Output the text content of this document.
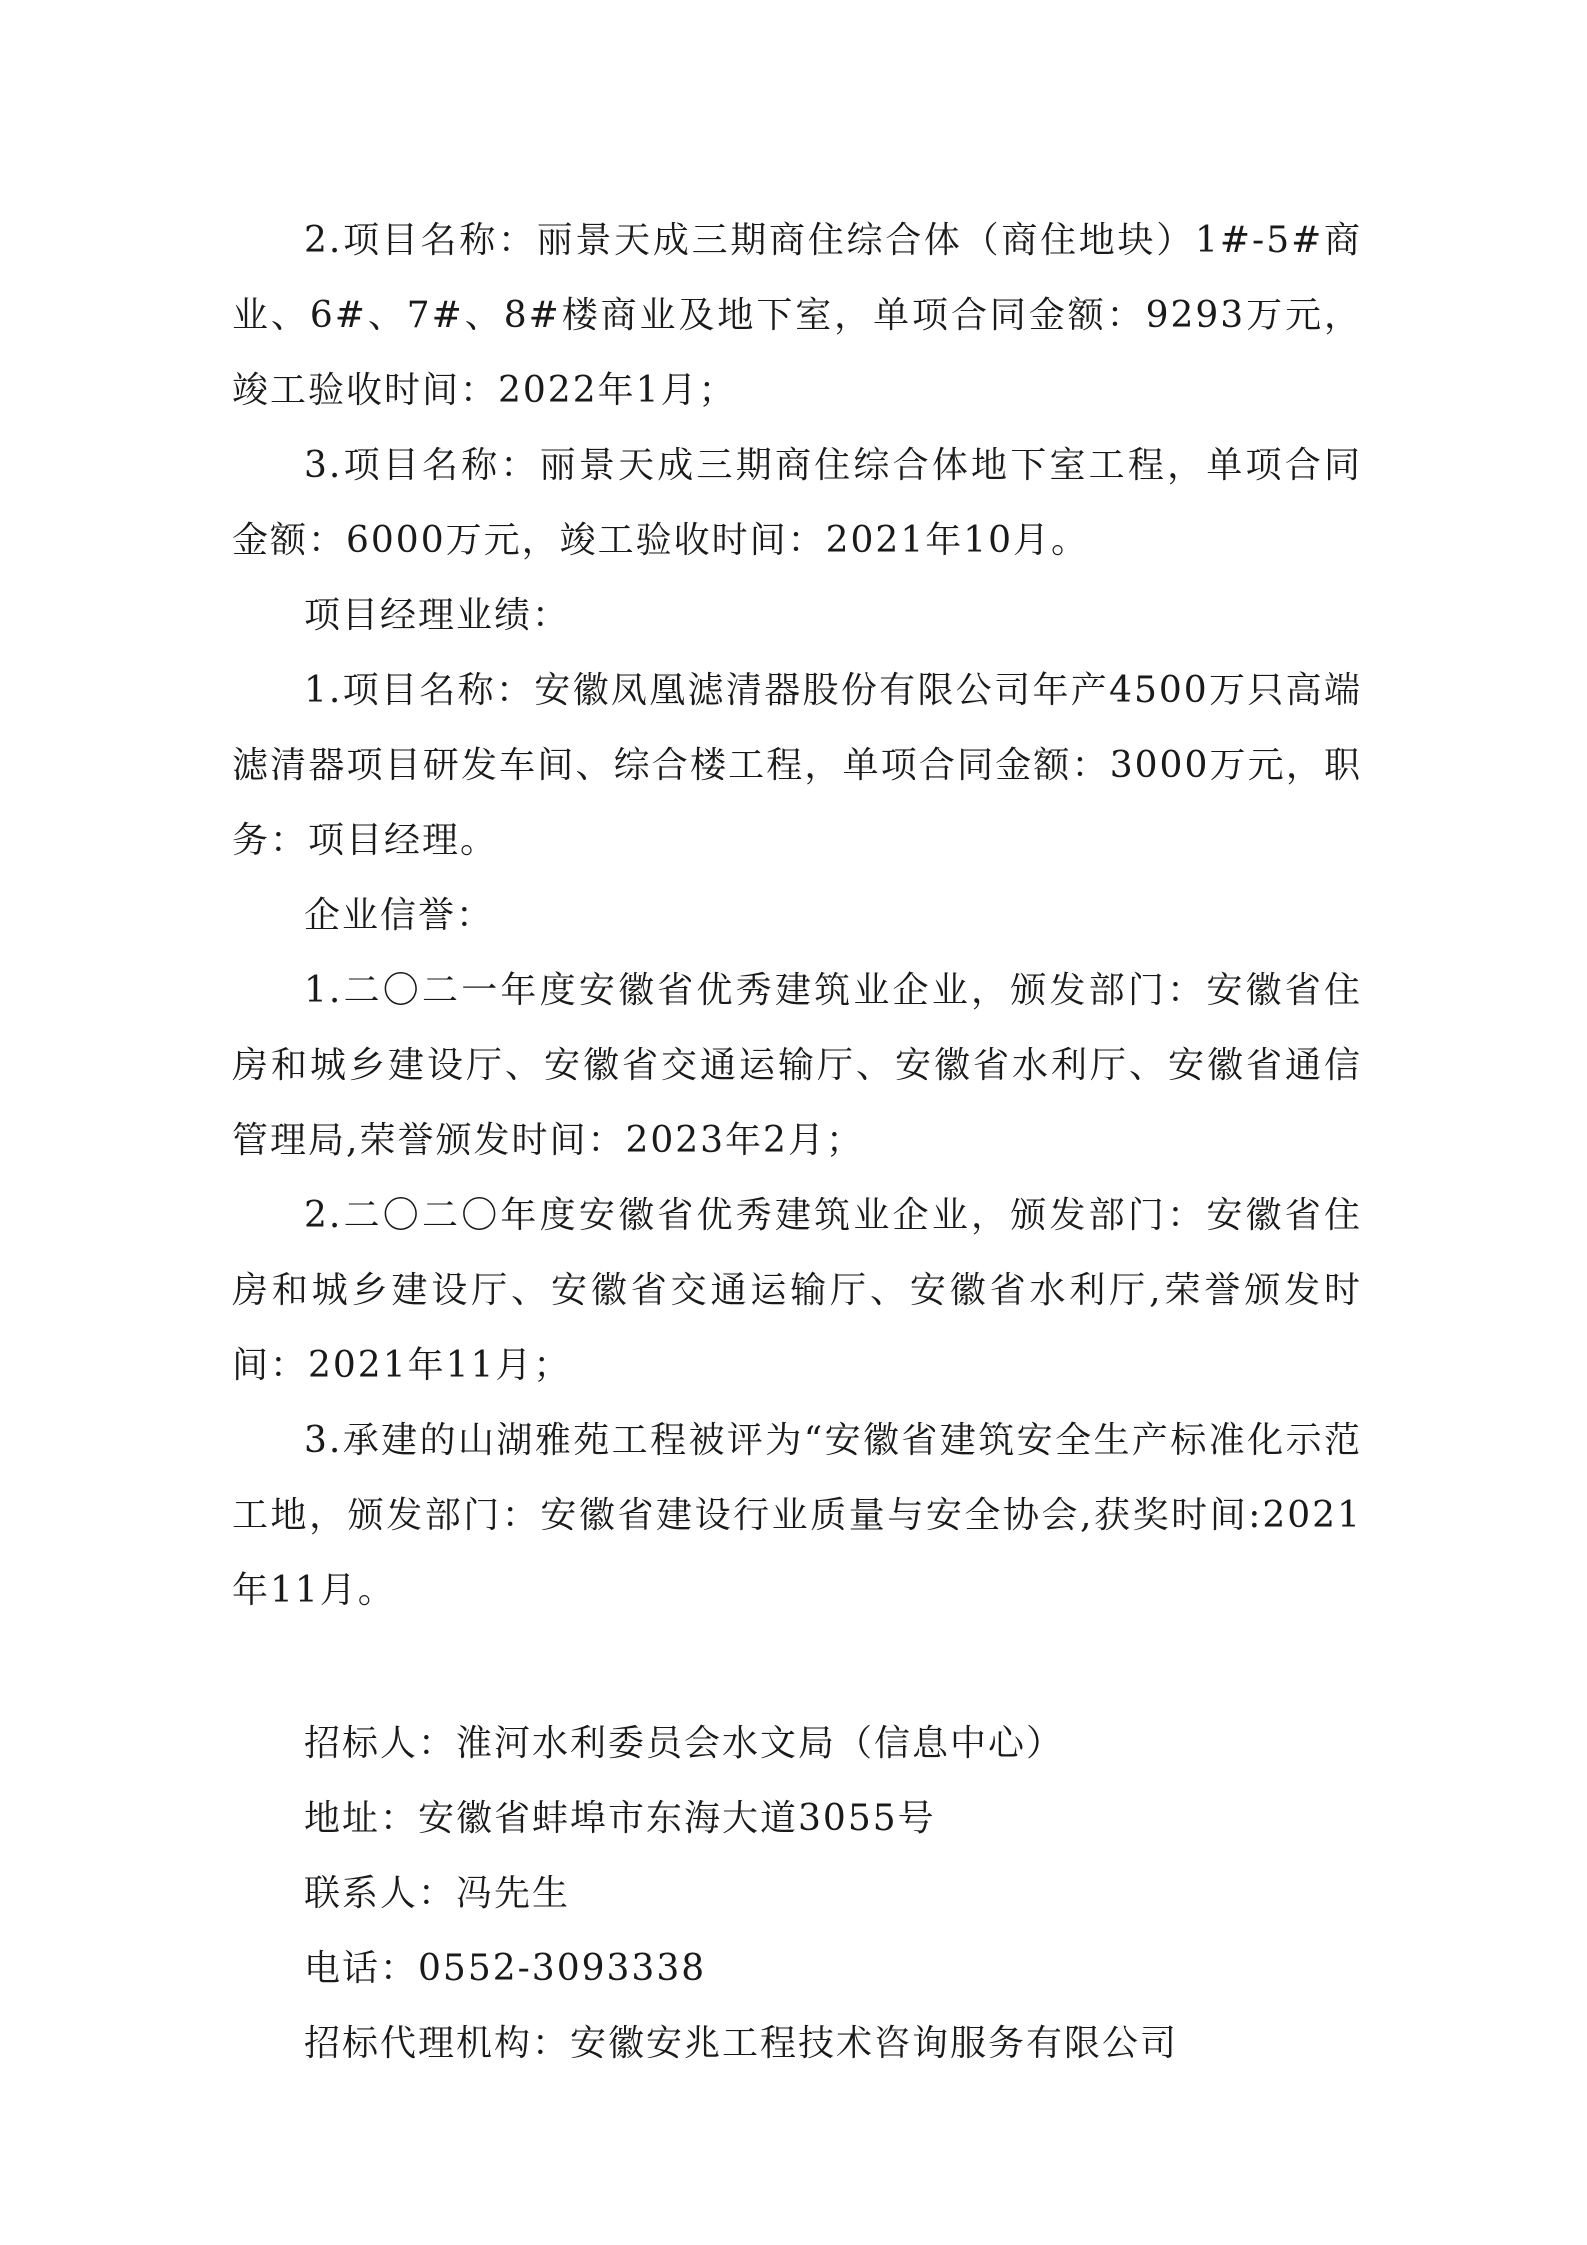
2.项目名称：丽景天成三期商住综合体（商住地块）1#-5#商业、6#、7#、8#楼商业及地下室，单项合同金额：9293万元，竣工验收时间：2022年1月；

3.项目名称：丽景天成三期商住综合体地下室工程，单项合同金额：6000万元，竣工验收时间：2021年10月。

项目经理业绩：

1.项目名称：安徽凤凰滤清器股份有限公司年产4500万只高端滤清器项目研发车间、综合楼工程，单项合同金额：3000万元，职务：项目经理。

企业信誉：

1.二〇二一年度安徽省优秀建筑业企业，颁发部门：安徽省住房和城乡建设厅、安徽省交通运输厅、安徽省水利厅、安徽省通信管理局,荣誉颁发时间：2023年2月；

2.二〇二〇年度安徽省优秀建筑业企业，颁发部门：安徽省住房和城乡建设厅、安徽省交通运输厅、安徽省水利厅,荣誉颁发时间：2021年11月；

3.承建的山湖雅苑工程被评为“安徽省建筑安全生产标准化示范工地，颁发部门：安徽省建设行业质量与安全协会,获奖时间:2021年11月。

招标人：淮河水利委员会水文局（信息中心）

地址：安徽省蚌埠市东海大道3055号

联系人：冯先生

电话：0552-3093338

招标代理机构：安徽安兆工程技术咨询服务有限公司
